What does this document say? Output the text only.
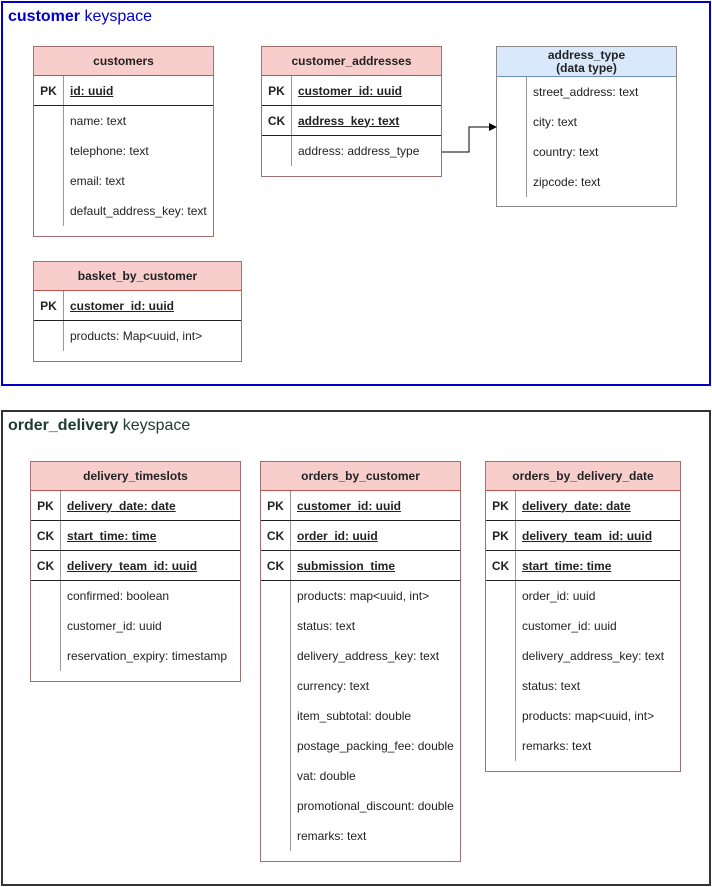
customer keyspace
order_delivery keyspace
customers
PK	id: uuid
name: text
telephone: text
email: text
default_address_key: text
customer_addresses
PK	customer_id: uuid
CK	address_key: text
address: address_type
address_type
(data type)
street_address: text
city: text
country: text
zipcode: text
basket_by_customer
PK	customer_id: uuid
products: Map<uuid, int>
delivery_timeslots
PK	delivery_date: date
CK	start_time: time
CK	delivery_team_id: uuid
confirmed: boolean
customer_id: uuid
reservation_expiry: timestamp
orders_by_customer
PK	customer_id: uuid
CK	order_id: uuid
CK	submission_time
products: map<uuid, int>
status: text
delivery_address_key: text
currency: text
item_subtotal: double
postage_packing_fee: double
vat: double
promotional_discount: double
remarks: text
orders_by_delivery_date
PK	delivery_date: date
PK	delivery_team_id: uuid
CK	start_time: time
order_id: uuid
customer_id: uuid
delivery_address_key: text
status: text
products: map<uuid, int>
remarks: text
